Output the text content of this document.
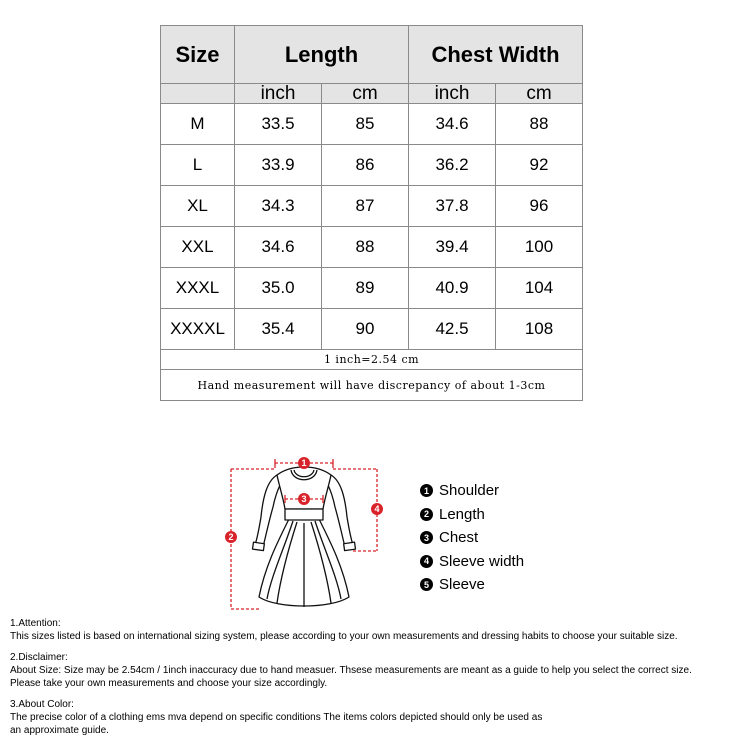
Size	Length		Chest Width	
	inch	cm	inch	cm
M	33.5	85	34.6	88
L	33.9	86	36.2	92
XL	34.3	87	37.8	96
XXL	34.6	88	39.4	100
XXXL	35.0	89	40.9	104
XXXXL	35.4	90	42.5	108
1 inch=2.54 cm				
Hand measurement will have discrepancy of about 1-3cm				
1
2
3
4
1 Shoulder
2 Length
3 Chest
4 Sleeve width
5 Sleeve

1.Attention:

This sizes listed is based on international sizing system, please according to your own measurements and dressing habits to choose your suitable size.

2.Disclaimer:

About Size: Size may be 2.54cm / 1inch inaccuracy due to hand measuer. Thsese measurements are meant as a guide to help you select the correct size.

Please take your own measurements and choose your size accordingly.

3.About Color:

The precise color of a clothing ems mva depend on specific conditions The items colors depicted should only be used as

an approximate guide.
